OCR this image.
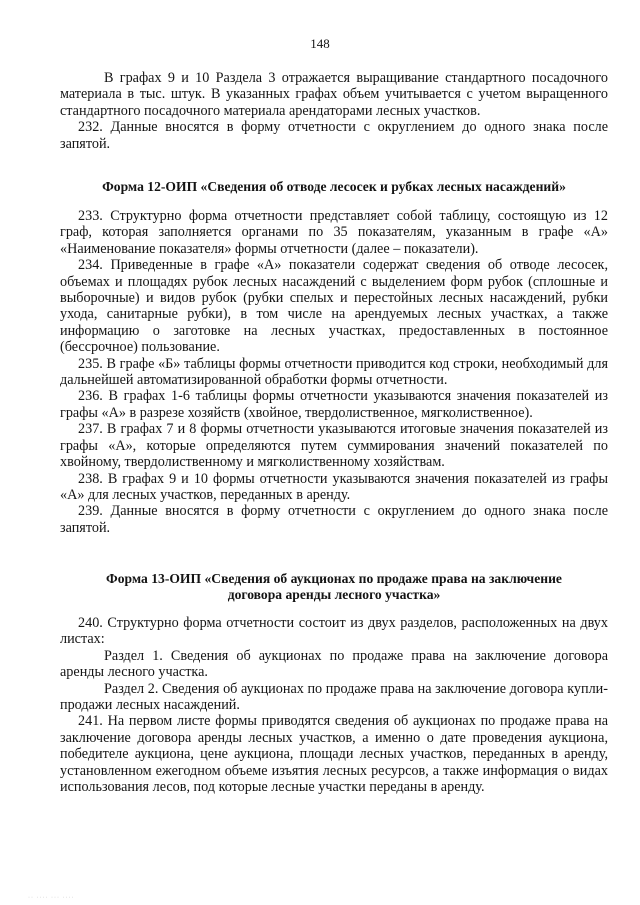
148

В графах 9 и 10 Раздела 3 отражается выращивание стандартного посадочного материала в тыс. штук. В указанных графах объем учитывается с учетом выращенного стандартного посадочного материала арендаторами лесных участков.

232. Данные вносятся в форму отчетности с округлением до одного знака после запятой.

Форма 12-ОИП «Сведения об отводе лесосек и рубках лесных насаждений»

233. Структурно форма отчетности представляет собой таблицу, состоящую из 12 граф, которая заполняется органами по 35 показателям, указанным в графе «А» «Наименование показателя» формы отчетности (далее – показатели).

234. Приведенные в графе «А» показатели содержат сведения об отводе лесосек, объемах и площадях рубок лесных насаждений с выделением форм рубок (сплошные и выборочные) и видов рубок (рубки спелых и перестойных лесных насаждений, рубки ухода, санитарные рубки), в том числе на арендуемых лесных участках, а также информацию о заготовке на лесных участках, предоставленных в постоянное (бессрочное) пользование.

235. В графе «Б» таблицы формы отчетности приводится код строки, необходимый для дальнейшей автоматизированной обработки формы отчетности.

236. В графах 1-6 таблицы формы отчетности указываются значения показателей из графы «А» в разрезе хозяйств (хвойное, твердолиственное, мягколиственное).

237. В графах 7 и 8 формы отчетности указываются итоговые значения показателей из графы «А», которые определяются путем суммирования значений показателей по хвойному, твердолиственному и мягколиственному хозяйствам.

238. В графах 9 и 10 формы отчетности указываются значения показателей из графы «А» для лесных участков, переданных в аренду.

239. Данные вносятся в форму отчетности с округлением до одного знака после запятой.

Форма 13-ОИП «Сведения об аукционах по продаже права на заключение

договора аренды лесного участка»

240. Структурно форма отчетности состоит из двух разделов, расположенных на двух листах:

Раздел 1. Сведения об аукционах по продаже права на заключение договора аренды лесного участка.

Раздел 2. Сведения об аукционах по продаже права на заключение договора купли-продажи лесных насаждений.

241. На первом листе формы приводятся сведения об аукционах по продаже права на заключение договора аренды лесных участков, а именно о дате проведения аукциона, победителе аукциона, цене аукциона, площади лесных участков, переданных в аренду, установленном ежегодном объеме изъятия лесных ресурсов, а также информация о видах использования лесов, под которые лесные участки переданы в аренду.

·· ···· ··· ····
